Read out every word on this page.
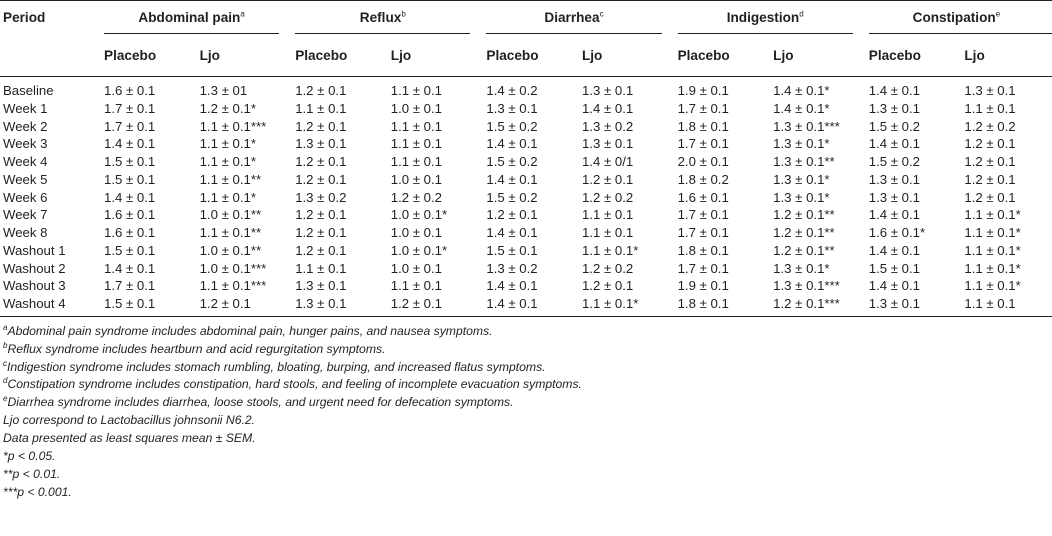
Period	Abdominal pain$^a$		Reflux$^b$		Diarrhea$^c$		Indigestion$^d$		Constipation$^e$

	Placebo	Ljo	Placebo	Ljo	Placebo	Ljo	Placebo	Ljo	Placebo	Ljo
Baseline	1.6 ± 0.1	1.3 ± 01	1.2 ± 0.1	1.1 ± 0.1	1.4 ± 0.2	1.3 ± 0.1	1.9 ± 0.1	1.4 ± 0.1*	1.4 ± 0.1	1.3 ± 0.1
Week 1	1.7 ± 0.1	1.2 ± 0.1*	1.1 ± 0.1	1.0 ± 0.1	1.3 ± 0.1	1.4 ± 0.1	1.7 ± 0.1	1.4 ± 0.1*	1.3 ± 0.1	1.1 ± 0.1
Week 2	1.7 ± 0.1	1.1 ± 0.1***	1.2 ± 0.1	1.1 ± 0.1	1.5 ± 0.2	1.3 ± 0.2	1.8 ± 0.1	1.3 ± 0.1***	1.5 ± 0.2	1.2 ± 0.2
Week 3	1.4 ± 0.1	1.1 ± 0.1*	1.3 ± 0.1	1.1 ± 0.1	1.4 ± 0.1	1.3 ± 0.1	1.7 ± 0.1	1.3 ± 0.1*	1.4 ± 0.1	1.2 ± 0.1
Week 4	1.5 ± 0.1	1.1 ± 0.1*	1.2 ± 0.1	1.1 ± 0.1	1.5 ± 0.2	1.4 ± 0/1	2.0 ± 0.1	1.3 ± 0.1**	1.5 ± 0.2	1.2 ± 0.1
Week 5	1.5 ± 0.1	1.1 ± 0.1**	1.2 ± 0.1	1.0 ± 0.1	1.4 ± 0.1	1.2 ± 0.1	1.8 ± 0.2	1.3 ± 0.1*	1.3 ± 0.1	1.2 ± 0.1
Week 6	1.4 ± 0.1	1.1 ± 0.1*	1.3 ± 0.2	1.2 ± 0.2	1.5 ± 0.2	1.2 ± 0.2	1.6 ± 0.1	1.3 ± 0.1*	1.3 ± 0.1	1.2 ± 0.1
Week 7	1.6 ± 0.1	1.0 ± 0.1**	1.2 ± 0.1	1.0 ± 0.1*	1.2 ± 0.1	1.1 ± 0.1	1.7 ± 0.1	1.2 ± 0.1**	1.4 ± 0.1	1.1 ± 0.1*
Week 8	1.6 ± 0.1	1.1 ± 0.1**	1.2 ± 0.1	1.0 ± 0.1	1.4 ± 0.1	1.1 ± 0.1	1.7 ± 0.1	1.2 ± 0.1**	1.6 ± 0.1*	1.1 ± 0.1*
Washout 1	1.5 ± 0.1	1.0 ± 0.1**	1.2 ± 0.1	1.0 ± 0.1*	1.5 ± 0.1	1.1 ± 0.1*	1.8 ± 0.1	1.2 ± 0.1**	1.4 ± 0.1	1.1 ± 0.1*
Washout 2	1.4 ± 0.1	1.0 ± 0.1***	1.1 ± 0.1	1.0 ± 0.1	1.3 ± 0.2	1.2 ± 0.2	1.7 ± 0.1	1.3 ± 0.1*	1.5 ± 0.1	1.1 ± 0.1*
Washout 3	1.7 ± 0.1	1.1 ± 0.1***	1.3 ± 0.1	1.1 ± 0.1	1.4 ± 0.1	1.2 ± 0.1	1.9 ± 0.1	1.3 ± 0.1***	1.4 ± 0.1	1.1 ± 0.1*
Washout 4	1.5 ± 0.1	1.2 ± 0.1	1.3 ± 0.1	1.2 ± 0.1	1.4 ± 0.1	1.1 ± 0.1*	1.8 ± 0.1	1.2 ± 0.1***	1.3 ± 0.1	1.1 ± 0.1
$^a$Abdominal pain syndrome includes abdominal pain, hunger pains, and nausea symptoms.
$^b$Reflux syndrome includes heartburn and acid regurgitation symptoms.
$^c$Indigestion syndrome includes stomach rumbling, bloating, burping, and increased flatus symptoms.
$^d$Constipation syndrome includes constipation, hard stools, and feeling of incomplete evacuation symptoms.
$^e$Diarrhea syndrome includes diarrhea, loose stools, and urgent need for defecation symptoms.
Ljo correspond to Lactobacillus johnsonii N6.2.
Data presented as least squares mean ± SEM.
*p < 0.05.
**p < 0.01.
***p < 0.001.
